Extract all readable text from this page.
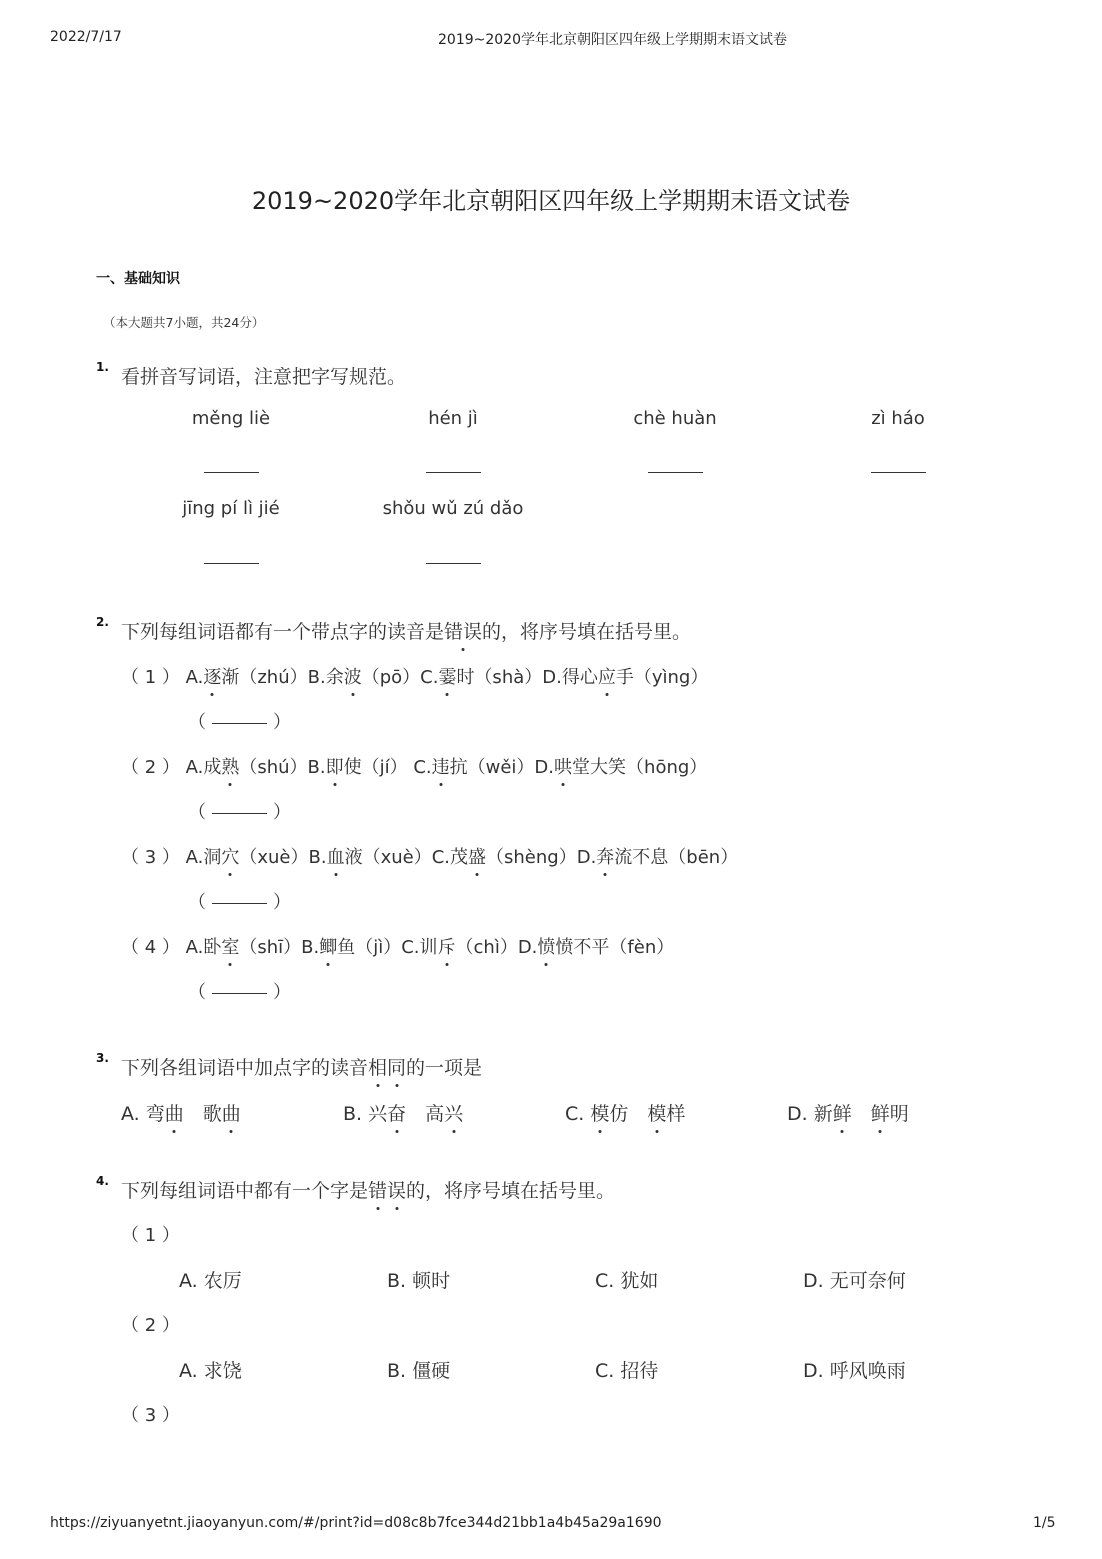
2022/7/17	2019~2020学年北京朝阳区四年级上学期期末语文试卷
2019~2020学年北京朝阳区四年级上学期期末语文试卷
一、基础知识
（本大题共7小题，共24分）
1. 看拼音写词语，注意把字写规范。
měng liè	hén jì	chè huàn	zì háo
jīng pí lì jié	shǒu wǔ zú dǎo
2. 下列每组词语都有一个带点字的读音是错误的，将序号填在括号里。
（ 1 ） A.逐渐（zhú）B.余波（pō）C.霎时（shà）D.得心应手（yìng）
（	）
（ 2 ） A.成熟（shú）B.即使（jí） C.违抗（wěi）D.哄堂大笑（hōng）
（	）
（ 3 ） A.洞穴（xuè）B.血液（xuè）C.茂盛（shèng）D.奔流不息（bēn）
（	）
（ 4 ） A.卧室（shī）B.鲫鱼（jì）C.训斥（chì）D.愤愤不平（fèn）
（	）
3. 下列各组词语中加点字的读音相同的一项是
A. 弯曲　歌曲	B. 兴奋　高兴	C. 模仿　模样	D. 新鲜　 鲜明
4. 下列每组词语中都有一个字是错误的，将序号填在括号里。
（ 1 ）
A. 农厉	B. 顿时	C. 犹如	D. 无可奈何
（ 2 ）
A. 求饶	B. 僵硬	C. 招待	D. 呼风唤雨
（ 3 ）
https://ziyuanyetnt.jiaoyanyun.com/#/print?id=d08c8b7fce344d21bb1a4b45a29a1690	1/5
